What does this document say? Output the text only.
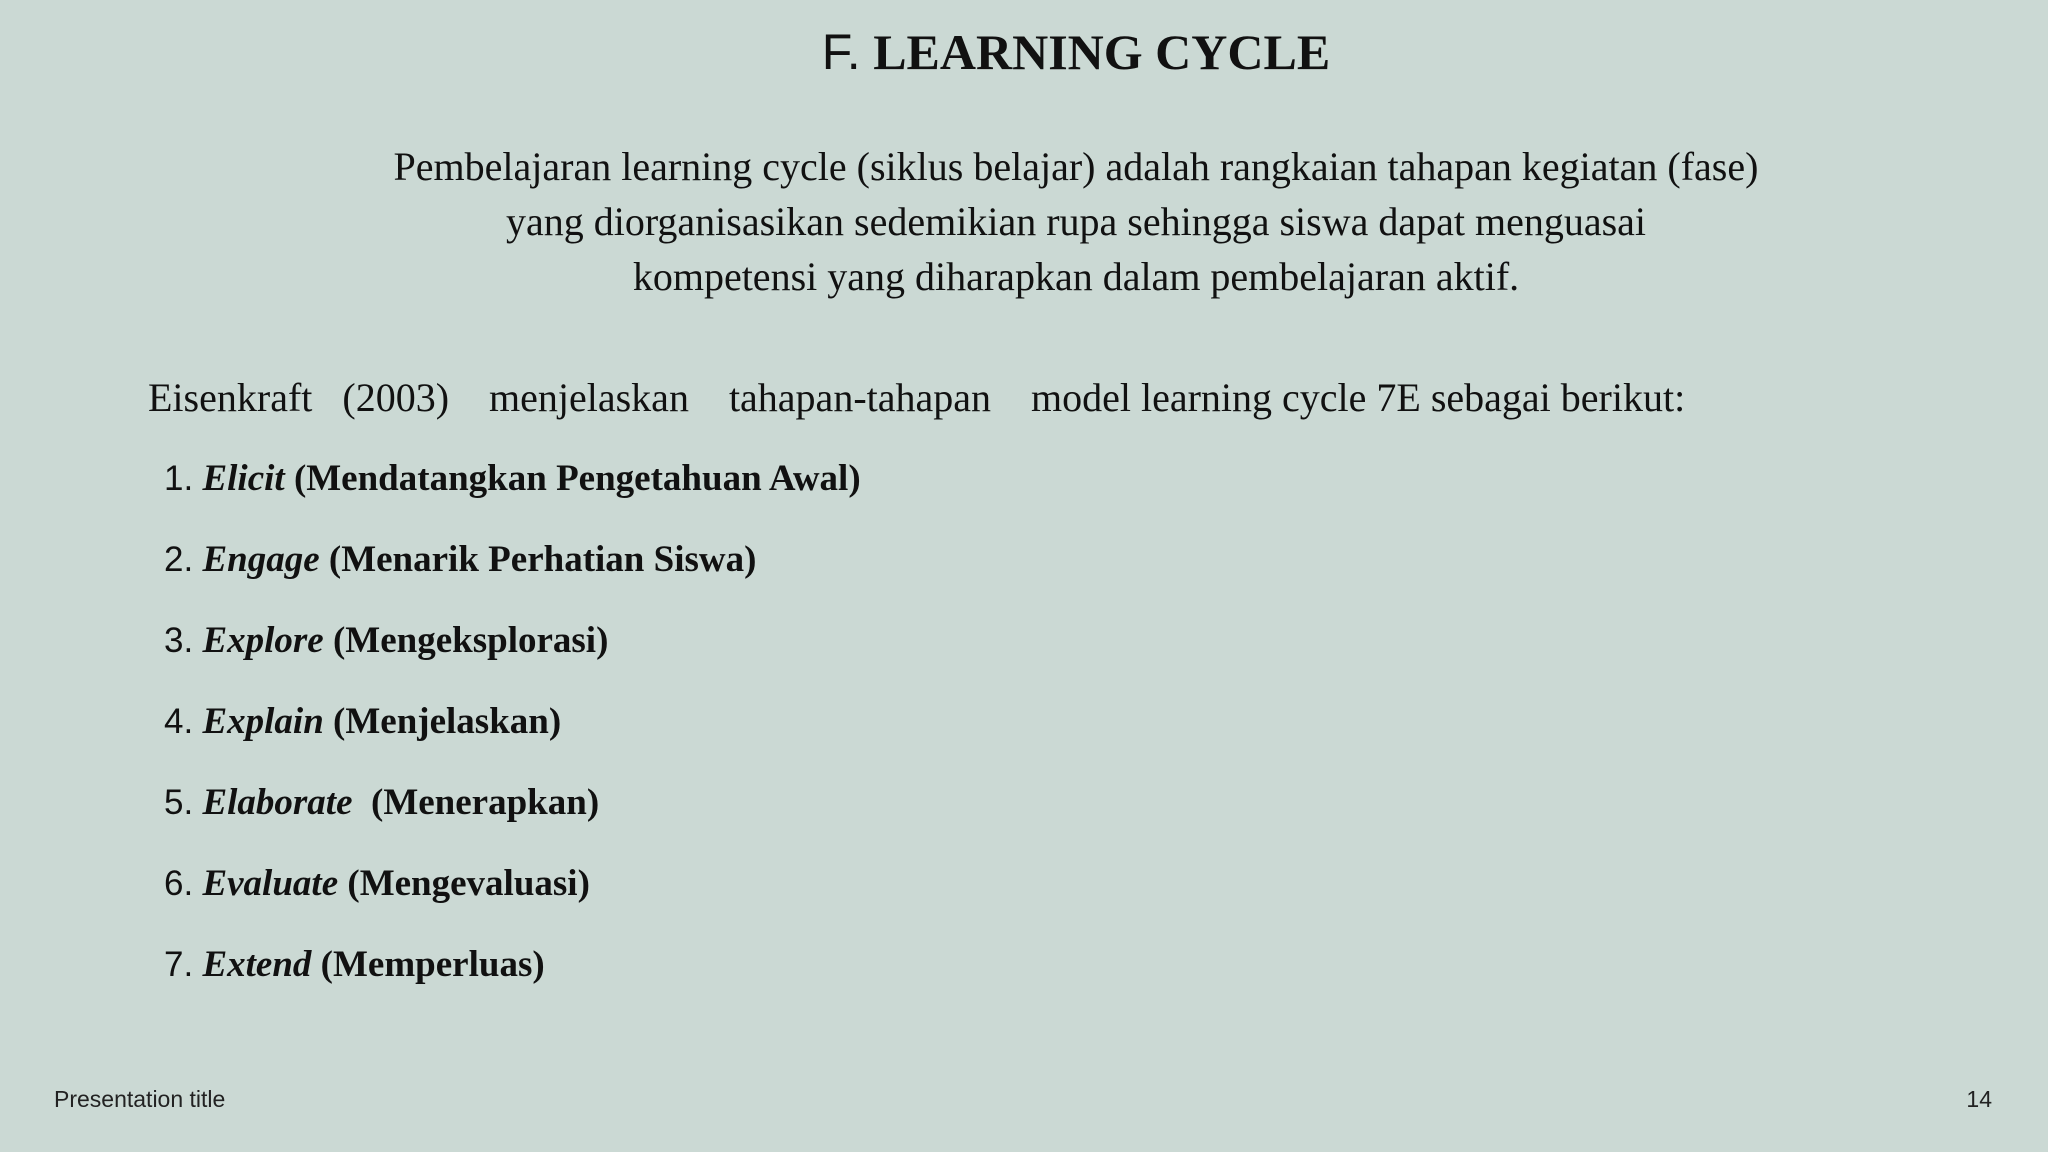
F. LEARNING CYCLE
Pembelajaran learning cycle (siklus belajar) adalah rangkaian tahapan kegiatan (fase)
yang diorganisasikan sedemikian rupa sehingga siswa dapat menguasai
kompetensi yang diharapkan dalam pembelajaran aktif.
Eisenkraft   (2003)    menjelaskan    tahapan-tahapan    model learning cycle 7E sebagai berikut:
1. Elicit (Mendatangkan Pengetahuan Awal)
2. Engage (Menarik Perhatian Siswa)
3. Explore (Mengeksplorasi)
4. Explain (Menjelaskan)
5. Elaborate  (Menerapkan)
6. Evaluate (Mengevaluasi)
7. Extend (Memperluas)
Presentation title	14
